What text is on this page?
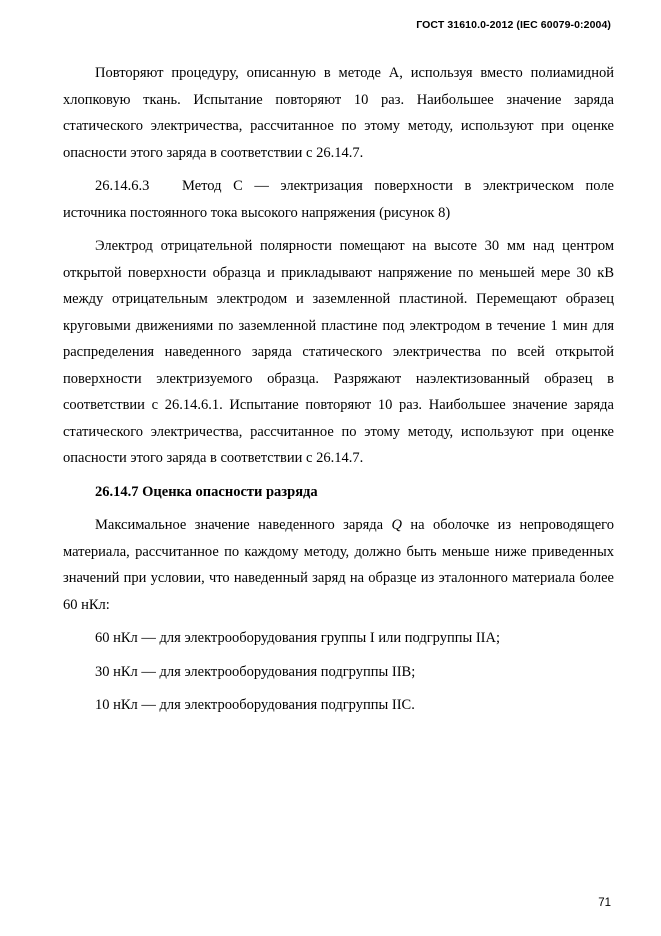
ГОСТ 31610.0-2012 (IEC 60079-0:2004)

Повторяют процедуру, описанную в методе А, используя вместо полиамидной хлопковую ткань. Испытание повторяют 10 раз. Наибольшее значение заряда статического электричества, рассчитанное по этому методу, используют при оценке опасности этого заряда в соответствии с 26.14.7.

26.14.6.3 Метод С — электризация поверхности в электрическом поле источника постоянного тока высокого напряжения (рисунок 8)

Электрод отрицательной полярности помещают на высоте 30 мм над центром открытой поверхности образца и прикладывают напряжение по меньшей мере 30 кВ между отрицательным электродом и заземленной пластиной. Перемещают образец круговыми движениями по заземленной пластине под электродом в течение 1 мин для распределения наведенного заряда статического электричества по всей открытой поверхности электризуемого образца. Разряжают наэлектизованный образец в соответствии с 26.14.6.1. Испытание повторяют 10 раз. Наибольшее значение заряда статического электричества, рассчитанное по этому методу, используют при оценке опасности этого заряда в соответствии с 26.14.7.

26.14.7 Оценка опасности разряда

Максимальное значение наведенного заряда Q на оболочке из непроводящего материала, рассчитанное по каждому методу, должно быть меньше ниже приведенных значений при условии, что наведенный заряд на образце из эталонного материала более 60 нКл:

60 нКл — для электрооборудования группы I или подгруппы IIA;

30 нКл — для электрооборудования подгруппы IIB;

10 нКл — для электрооборудования подгруппы IIC.

71
